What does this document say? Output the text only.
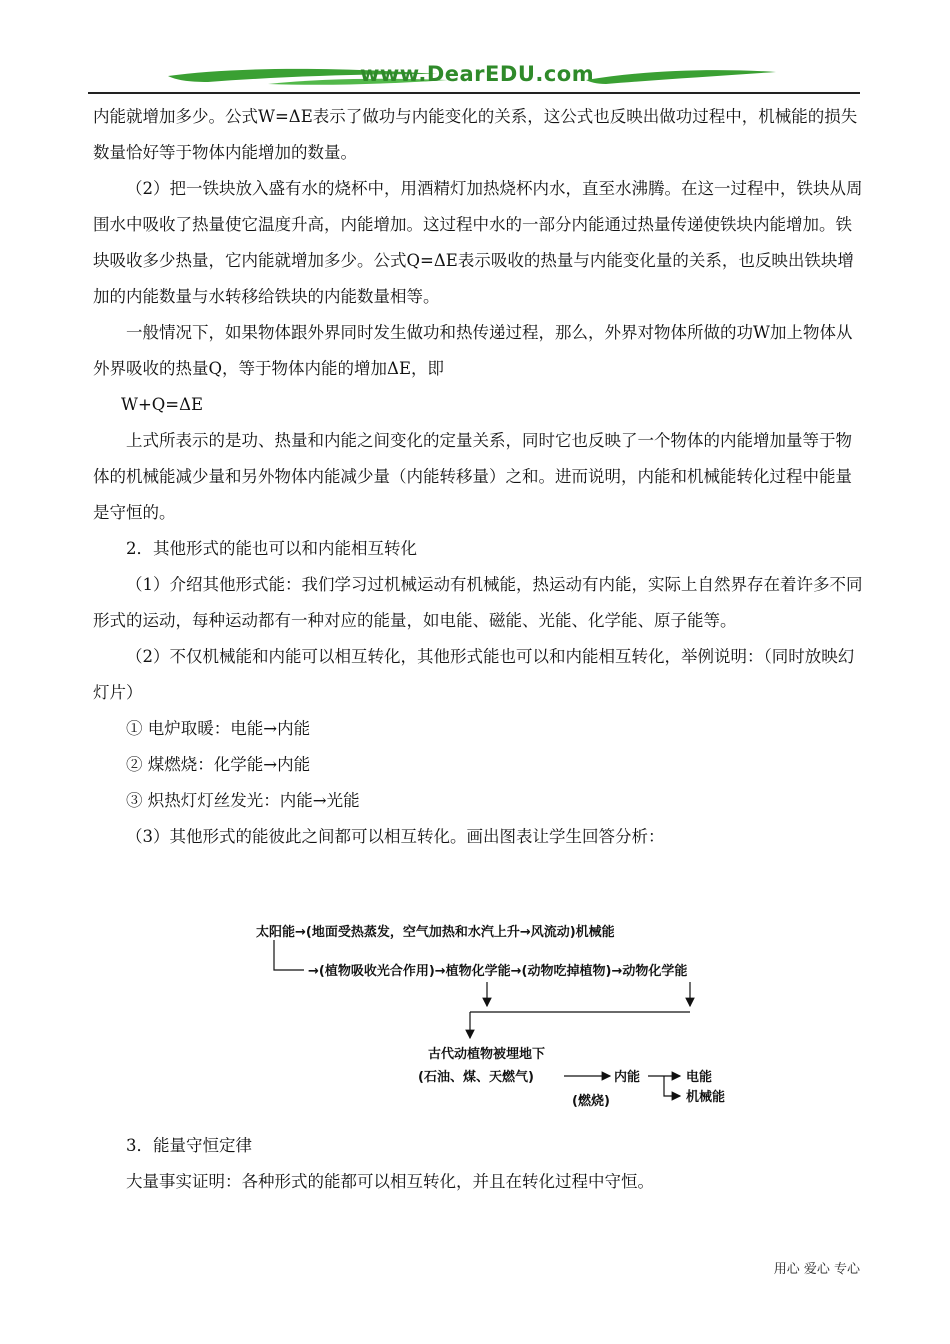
www.DearEDU.com

内能就增加多少。公式W=ΔE表示了做功与内能变化的关系，这公式也反映出做功过程中，机械能的损失数量恰好等于物体内能增加的数量。

（2）把一铁块放入盛有水的烧杯中，用酒精灯加热烧杯内水，直至水沸腾。在这一过程中，铁块从周围水中吸收了热量使它温度升高，内能增加。这过程中水的一部分内能通过热量传递使铁块内能增加。铁块吸收多少热量，它内能就增加多少。公式Q=ΔE表示吸收的热量与内能变化量的关系，也反映出铁块增加的内能数量与水转移给铁块的内能数量相等。

一般情况下，如果物体跟外界同时发生做功和热传递过程，那么，外界对物体所做的功W加上物体从外界吸收的热量Q，等于物体内能的增加ΔE，即

W+Q=ΔE

上式所表示的是功、热量和内能之间变化的定量关系，同时它也反映了一个物体的内能增加量等于物体的机械能减少量和另外物体内能减少量（内能转移量）之和。进而说明，内能和机械能转化过程中能量是守恒的。

2．其他形式的能也可以和内能相互转化

（1）介绍其他形式能：我们学习过机械运动有机械能，热运动有内能，实际上自然界存在着许多不同形式的运动，每种运动都有一种对应的能量，如电能、磁能、光能、化学能、原子能等。

（2）不仅机械能和内能可以相互转化，其他形式能也可以和内能相互转化，举例说明：（同时放映幻灯片）

① 电炉取暖：电能→内能

② 煤燃烧：化学能→内能

③ 炽热灯灯丝发光：内能→光能

（3）其他形式的能彼此之间都可以相互转化。画出图表让学生回答分析：

太阳能→(地面受热蒸发，空气加热和水汽上升→风流动)机械能
→(植物吸收光合作用)→植物化学能→(动物吃掉植物)→动物化学能
古代动植物被埋地下
(石油、煤、天燃气)
(燃烧)
内能	电能
机械能

3．能量守恒定律

大量事实证明：各种形式的能都可以相互转化，并且在转化过程中守恒。

用心 爱心 专心
